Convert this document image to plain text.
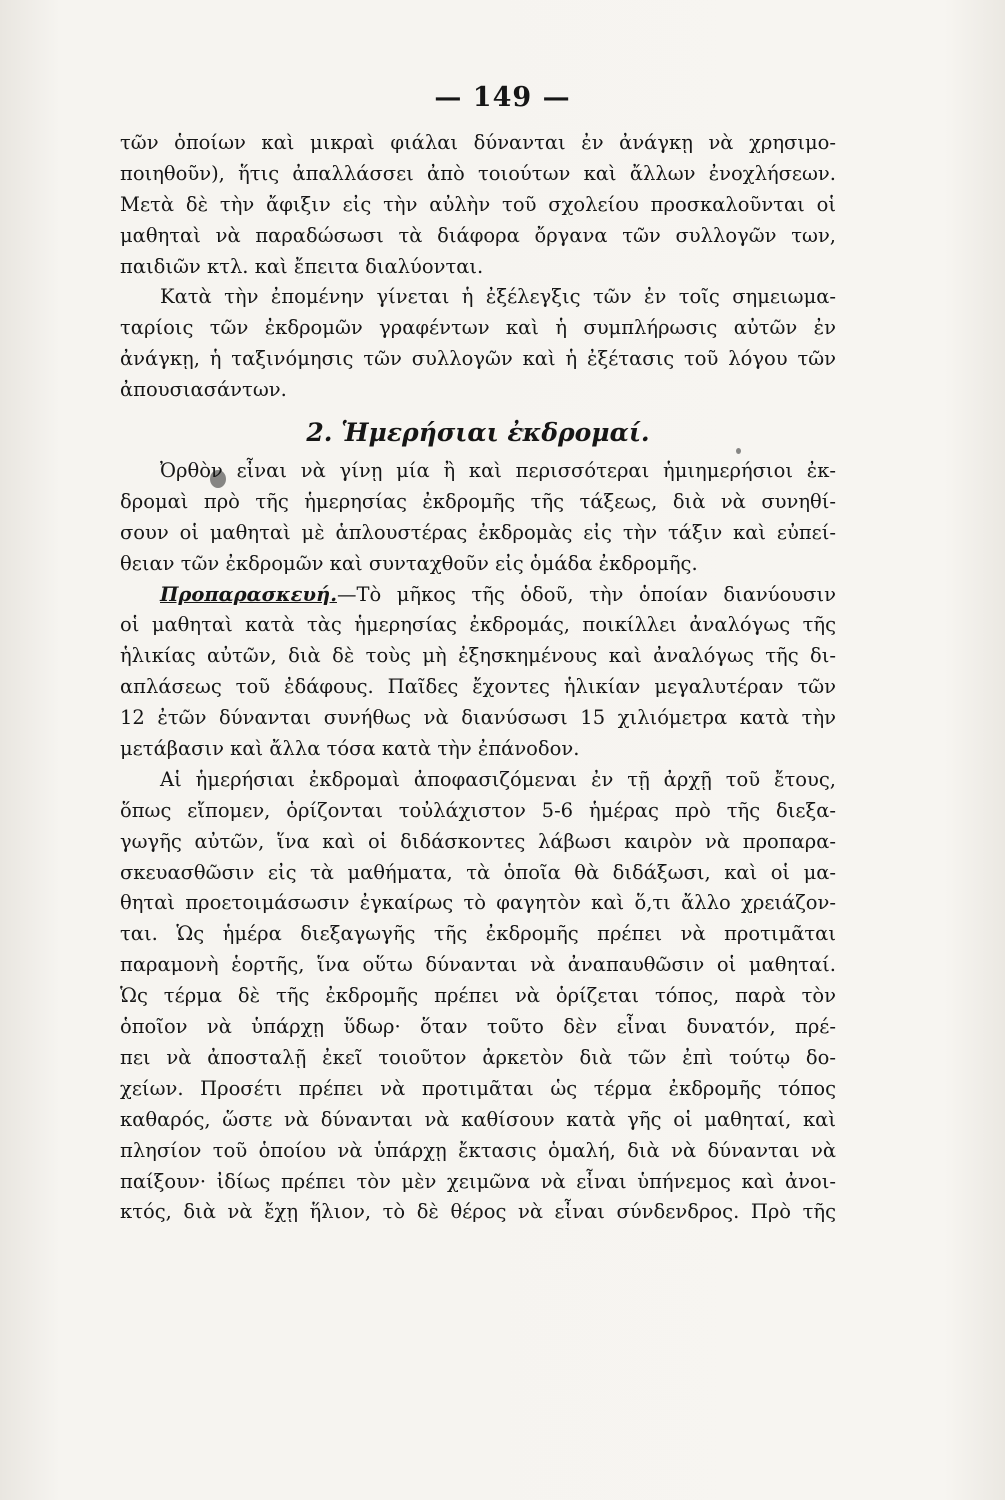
— 149 —
τῶν ὁποίων καὶ μικραὶ φιάλαι δύνανται ἐν ἀνάγκῃ νὰ χρησιμο-
ποιηθοῦν), ἥτις ἀπαλλάσσει ἀπὸ τοιούτων καὶ ἄλλων ἐνοχλήσεων.
Μετὰ δὲ τὴν ἄφιξιν εἰς τὴν αὐλὴν τοῦ σχολείου προσκαλοῦνται οἱ
μαθηταὶ νὰ παραδώσωσι τὰ διάφορα ὄργανα τῶν συλλογῶν των,
παιδιῶν κτλ. καὶ ἔπειτα διαλύονται.
Κατὰ τὴν ἐπομένην γίνεται ἡ ἐξέλεγξις τῶν ἐν τοῖς σημειωμα-
ταρίοις τῶν ἐκδρομῶν γραφέντων καὶ ἡ συμπλήρωσις αὐτῶν ἐν
ἀνάγκῃ, ἡ ταξινόμησις τῶν συλλογῶν καὶ ἡ ἐξέτασις τοῦ λόγου τῶν
ἀπουσιασάντων.
2. Ἡμερήσιαι ἐκδρομαί.
Ὀρθὸν εἶναι νὰ γίνῃ μία ἢ καὶ περισσότεραι ἡμιημερήσιοι ἐκ-
δρομαὶ πρὸ τῆς ἡμερησίας ἐκδρομῆς τῆς τάξεως, διὰ νὰ συνηθί-
σουν οἱ μαθηταὶ μὲ ἁπλουστέρας ἐκδρομὰς εἰς τὴν τάξιν καὶ εὐπεί-
θειαν τῶν ἐκδρομῶν καὶ συνταχθοῦν εἰς ὁμάδα ἐκδρομῆς.
Προπαρασκευή.—Τὸ μῆκος τῆς ὁδοῦ, τὴν ὁποίαν διανύουσιν
οἱ μαθηταὶ κατὰ τὰς ἡμερησίας ἐκδρομάς, ποικίλλει ἀναλόγως τῆς
ἡλικίας αὐτῶν, διὰ δὲ τοὺς μὴ ἐξησκημένους καὶ ἀναλόγως τῆς δι-
απλάσεως τοῦ ἐδάφους. Παῖδες ἔχοντες ἡλικίαν μεγαλυτέραν τῶν
12 ἐτῶν δύνανται συνήθως νὰ διανύσωσι 15 χιλιόμετρα κατὰ τὴν
μετάβασιν καὶ ἄλλα τόσα κατὰ τὴν ἐπάνοδον.
Αἱ ἡμερήσιαι ἐκδρομαὶ ἀποφασιζόμεναι ἐν τῇ ἀρχῇ τοῦ ἔτους,
ὅπως εἴπομεν, ὁρίζονται τοὐλάχιστον 5-6 ἡμέρας πρὸ τῆς διεξα-
γωγῆς αὐτῶν, ἵνα καὶ οἱ διδάσκοντες λάβωσι καιρὸν νὰ προπαρα-
σκευασθῶσιν εἰς τὰ μαθήματα, τὰ ὁποῖα θὰ διδάξωσι, καὶ οἱ μα-
θηταὶ προετοιμάσωσιν ἐγκαίρως τὸ φαγητὸν καὶ ὅ,τι ἄλλο χρειάζον-
ται. Ὡς ἡμέρα διεξαγωγῆς τῆς ἐκδρομῆς πρέπει νὰ προτιμᾶται
παραμονὴ ἑορτῆς, ἵνα οὕτω δύνανται νὰ ἀναπαυθῶσιν οἱ μαθηταί.
Ὡς τέρμα δὲ τῆς ἐκδρομῆς πρέπει νὰ ὁρίζεται τόπος, παρὰ τὸν
ὁποῖον νὰ ὑπάρχῃ ὕδωρ· ὅταν τοῦτο δὲν εἶναι δυνατόν, πρέ-
πει νὰ ἀποσταλῇ ἐκεῖ τοιοῦτον ἀρκετὸν διὰ τῶν ἐπὶ τούτῳ δο-
χείων. Προσέτι πρέπει νὰ προτιμᾶται ὡς τέρμα ἐκδρομῆς τόπος
καθαρός, ὥστε νὰ δύνανται νὰ καθίσουν κατὰ γῆς οἱ μαθηταί, καὶ
πλησίον τοῦ ὁποίου νὰ ὑπάρχῃ ἔκτασις ὁμαλή, διὰ νὰ δύνανται νὰ
παίξουν· ἰδίως πρέπει τὸν μὲν χειμῶνα νὰ εἶναι ὑπήνεμος καὶ ἀνοι-
κτός, διὰ νὰ ἔχῃ ἥλιον, τὸ δὲ θέρος νὰ εἶναι σύνδενδρος. Πρὸ τῆς
